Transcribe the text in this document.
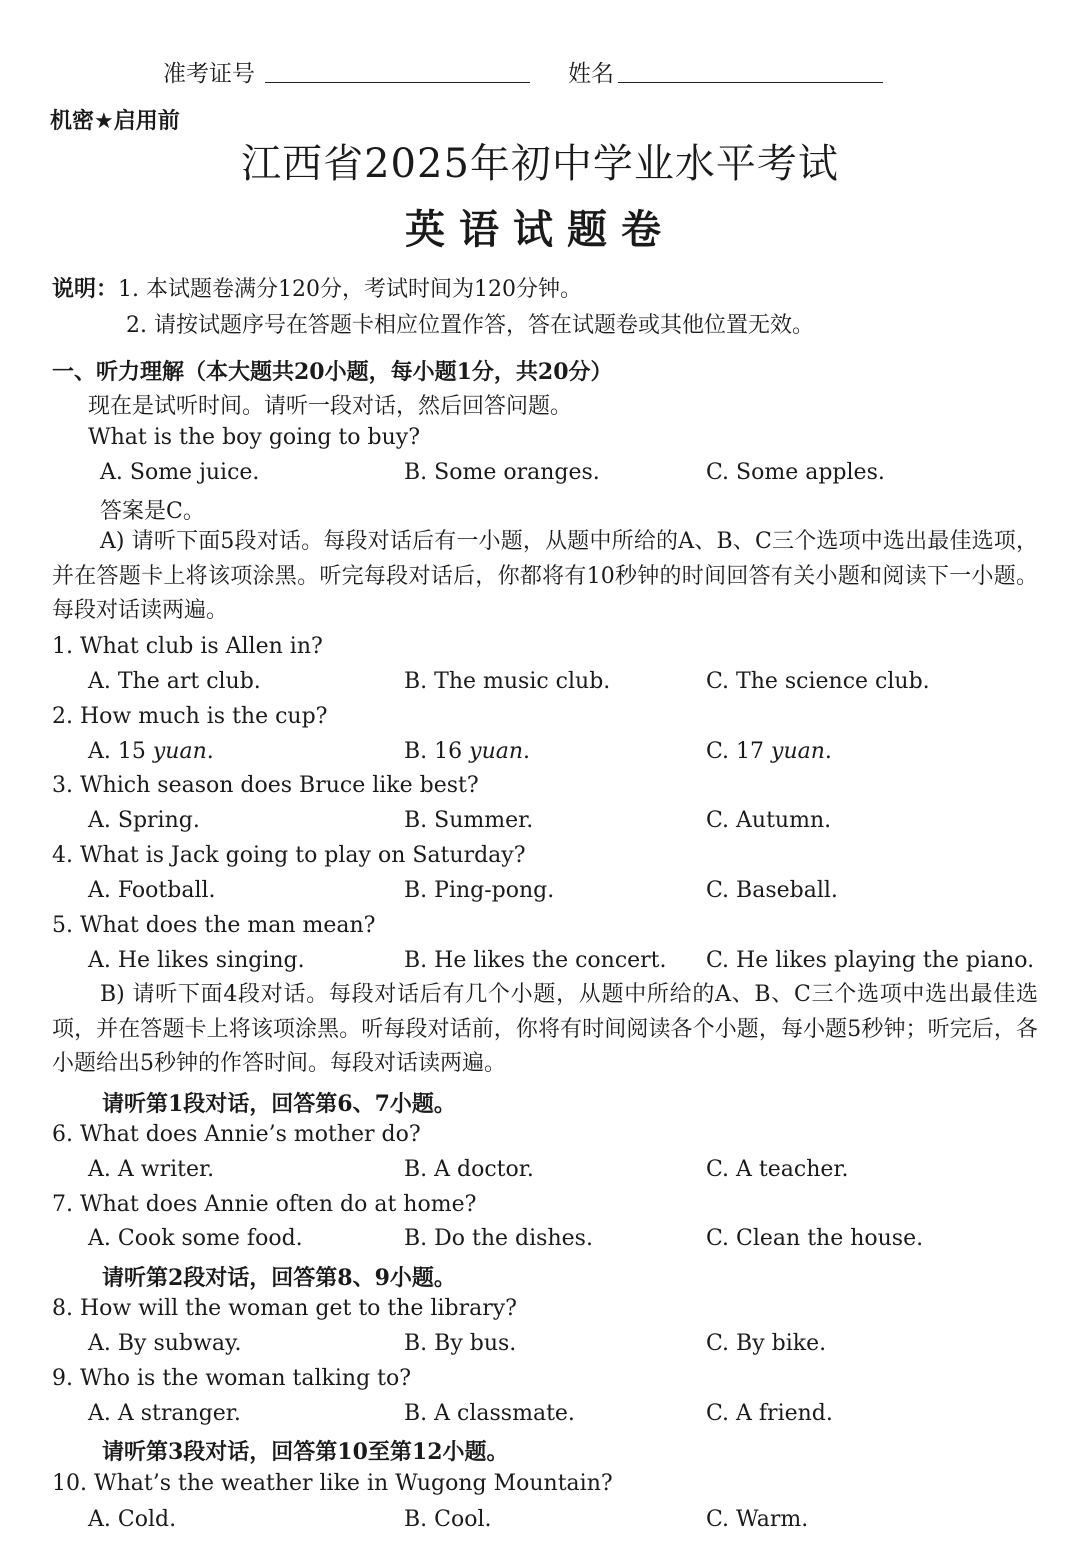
准考证号	姓名
机密★启用前
江西省2025年初中学业水平考试
英语试题卷
说明：1. 本试题卷满分120分，考试时间为120分钟。
2. 请按试题序号在答题卡相应位置作答，答在试题卷或其他位置无效。
一、听力理解（本大题共20小题，每小题1分，共20分）
现在是试听时间。请听一段对话，然后回答问题。
What is the boy going to buy?
A. Some juice.	B. Some oranges.	C. Some apples.
答案是C。
A) 请听下面5段对话。每段对话后有一小题，从题中所给的A、B、C三个选项中选出最佳选项，并在答题卡上将该项涂黑。听完每段对话后，你都将有10秒钟的时间回答有关小题和阅读下一小题。每段对话读两遍。
1. What club is Allen in?
A. The art club.	B. The music club.	C. The science club.
2. How much is the cup?
A. 15 yuan.	B. 16 yuan.	C. 17 yuan.
3. Which season does Bruce like best?
A. Spring.	B. Summer.	C. Autumn.
4. What is Jack going to play on Saturday?
A. Football.	B. Ping-pong.	C. Baseball.
5. What does the man mean?
A. He likes singing.	B. He likes the concert. C. He likes playing the piano.
B) 请听下面4段对话。每段对话后有几个小题，从题中所给的A、B、C三个选项中选出最佳选项，并在答题卡上将该项涂黑。听每段对话前，你将有时间阅读各个小题，每小题5秒钟；听完后，各小题给出5秒钟的作答时间。每段对话读两遍。
请听第1段对话，回答第6、7小题。
6. What does Annie’s mother do?
A. A writer.	B. A doctor.	C. A teacher.
7. What does Annie often do at home?
A. Cook some food.	B. Do the dishes.	C. Clean the house.
请听第2段对话，回答第8、9小题。
8. How will the woman get to the library?
A. By subway.	B. By bus.	C. By bike.
9. Who is the woman talking to?
A. A stranger.	B. A classmate.	C. A friend.
请听第3段对话，回答第10至第12小题。
10. What’s the weather like in Wugong Mountain?
A. Cold.	B. Cool.	C. Warm.
